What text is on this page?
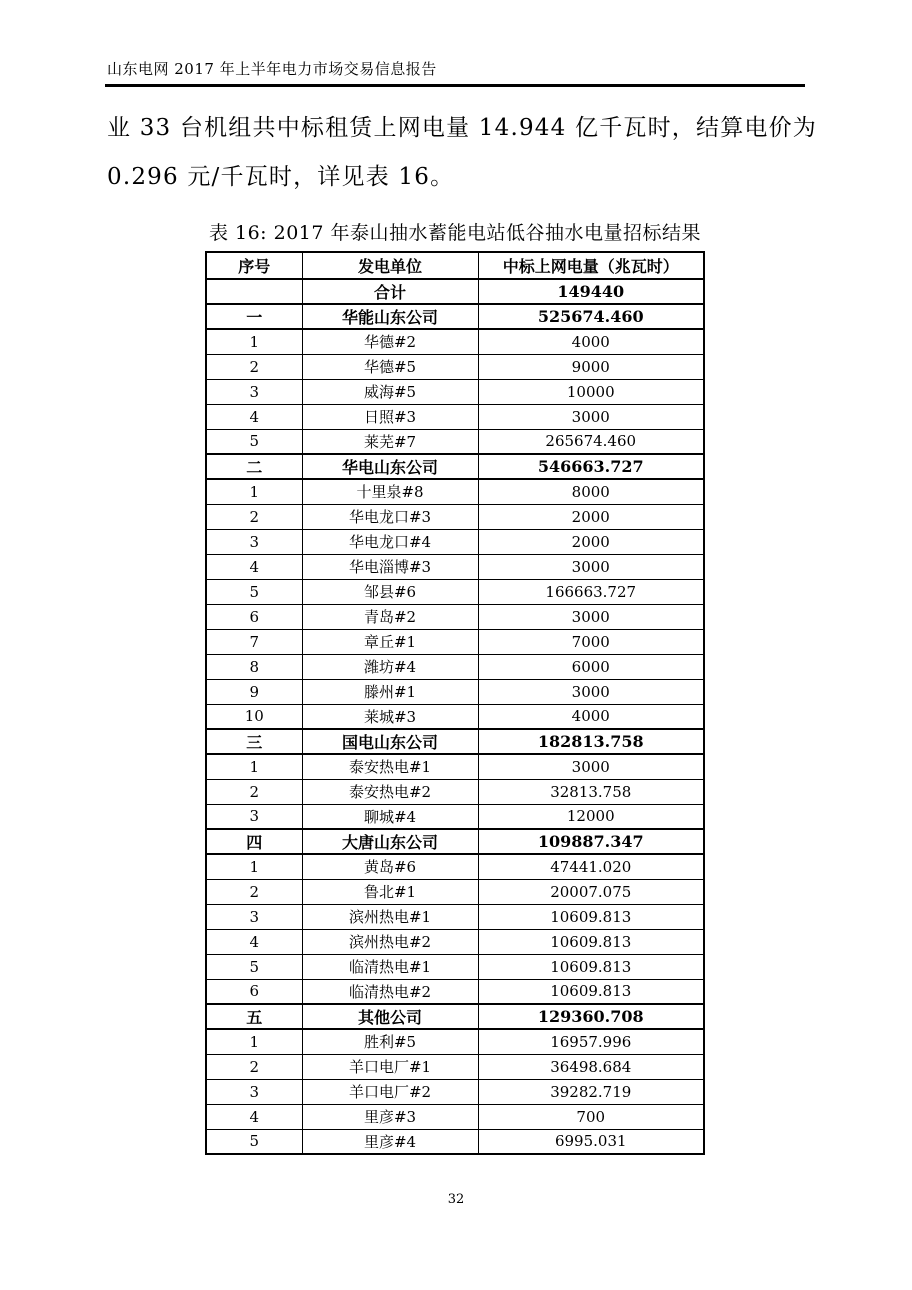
山东电网 2017 年上半年电力市场交易信息报告
业 33 台机组共中标租赁上网电量 14.944 亿千瓦时，结算电价为
0.296 元/千瓦时，详见表 16。
表 16: 2017 年泰山抽水蓄能电站低谷抽水电量招标结果
序号	发电单位	中标上网电量（兆瓦时）
	合计	149440
一	华能山东公司	525674.460
1	华德#2	4000
2	华德#5	9000
3	威海#5	10000
4	日照#3	3000
5	莱芜#7	265674.460
二	华电山东公司	546663.727
1	十里泉#8	8000
2	华电龙口#3	2000
3	华电龙口#4	2000
4	华电淄博#3	3000
5	邹县#6	166663.727
6	青岛#2	3000
7	章丘#1	7000
8	潍坊#4	6000
9	滕州#1	3000
10	莱城#3	4000
三	国电山东公司	182813.758
1	泰安热电#1	3000
2	泰安热电#2	32813.758
3	聊城#4	12000
四	大唐山东公司	109887.347
1	黄岛#6	47441.020
2	鲁北#1	20007.075
3	滨州热电#1	10609.813
4	滨州热电#2	10609.813
5	临清热电#1	10609.813
6	临清热电#2	10609.813
五	其他公司	129360.708
1	胜利#5	16957.996
2	羊口电厂#1	36498.684
3	羊口电厂#2	39282.719
4	里彦#3	700
5	里彦#4	6995.031
32
